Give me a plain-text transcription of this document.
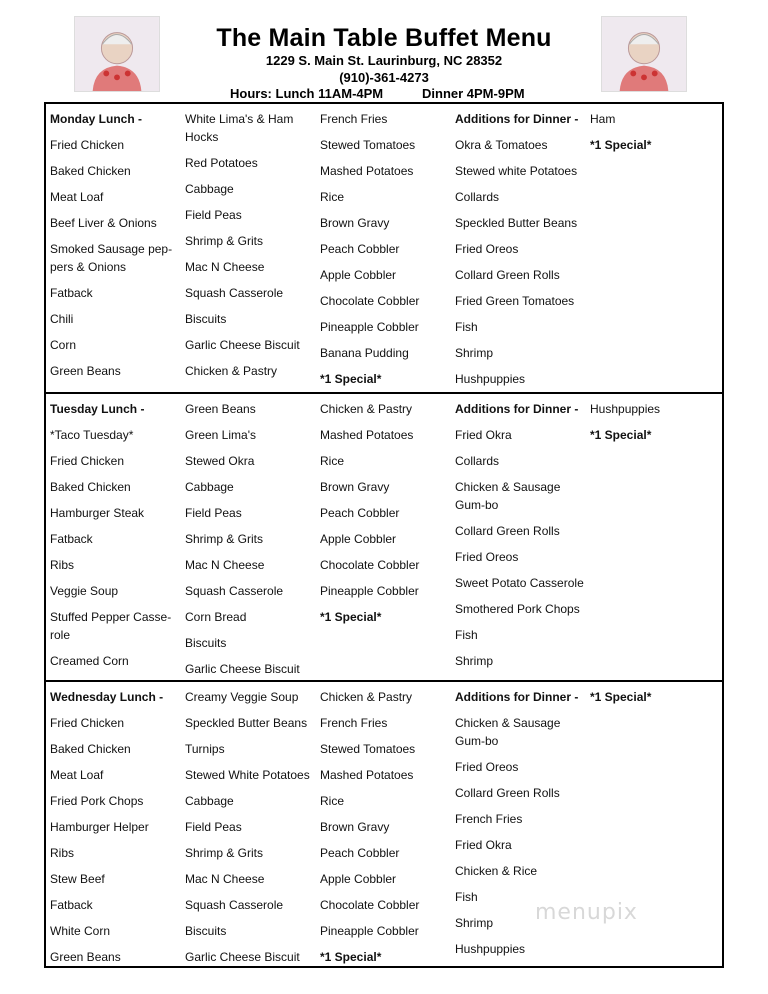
The Main Table Buffet Menu
1229 S. Main St. Laurinburg, NC 28352
(910)-361-4273
Hours: Lunch 11AM-4PM	Dinner 4PM-9PM
Monday Lunch -
Fried Chicken
Baked Chicken
Meat Loaf
Beef Liver & Onions
Smoked Sausage pep-pers & Onions
Fatback
Chili
Corn
Green Beans
White Lima's & Ham Hocks
Red Potatoes
Cabbage
Field Peas
Shrimp & Grits
Mac N Cheese
Squash Casserole
Biscuits
Garlic Cheese Biscuit
Chicken & Pastry
French Fries
Stewed Tomatoes
Mashed Potatoes
Rice
Brown Gravy
Peach Cobbler
Apple Cobbler
Chocolate Cobbler
Pineapple Cobbler
Banana Pudding
*1 Special*
Additions for Dinner -
Okra & Tomatoes
Stewed white Potatoes
Collards
Speckled Butter Beans
Fried Oreos
Collard Green Rolls
Fried Green Tomatoes
Fish
Shrimp
Hushpuppies
Ham
*1 Special*
Tuesday Lunch -
*Taco Tuesday*
Fried Chicken
Baked Chicken
Hamburger Steak
Fatback
Ribs
Veggie Soup
Stuffed Pepper Casse-role
Creamed Corn
Green Beans
Green Lima's
Stewed Okra
Cabbage
Field Peas
Shrimp & Grits
Mac N Cheese
Squash Casserole
Corn Bread
Biscuits
Garlic Cheese Biscuit
Chicken & Pastry
Mashed Potatoes
Rice
Brown Gravy
Peach Cobbler
Apple Cobbler
Chocolate Cobbler
Pineapple Cobbler
*1 Special*
Additions for Dinner -
Fried Okra
Collards
Chicken & Sausage Gum-bo
Collard Green Rolls
Fried Oreos
Sweet Potato Casserole
Smothered Pork Chops
Fish
Shrimp
Hushpuppies
*1 Special*
Wednesday Lunch -
Fried Chicken
Baked Chicken
Meat Loaf
Fried Pork Chops
Hamburger Helper
Ribs
Stew Beef
Fatback
White Corn
Green Beans
Creamy Veggie Soup
Speckled Butter Beans
Turnips
Stewed White Potatoes
Cabbage
Field Peas
Shrimp & Grits
Mac N Cheese
Squash Casserole
Biscuits
Garlic Cheese Biscuit
Chicken & Pastry
French Fries
Stewed Tomatoes
Mashed Potatoes
Rice
Brown Gravy
Peach Cobbler
Apple Cobbler
Chocolate Cobbler
Pineapple Cobbler
*1 Special*
Additions for Dinner -
Chicken & Sausage Gum-bo
Fried Oreos
Collard Green Rolls
French Fries
Fried Okra
Chicken & Rice
Fish
Shrimp
Hushpuppies
*1 Special*
menupix
